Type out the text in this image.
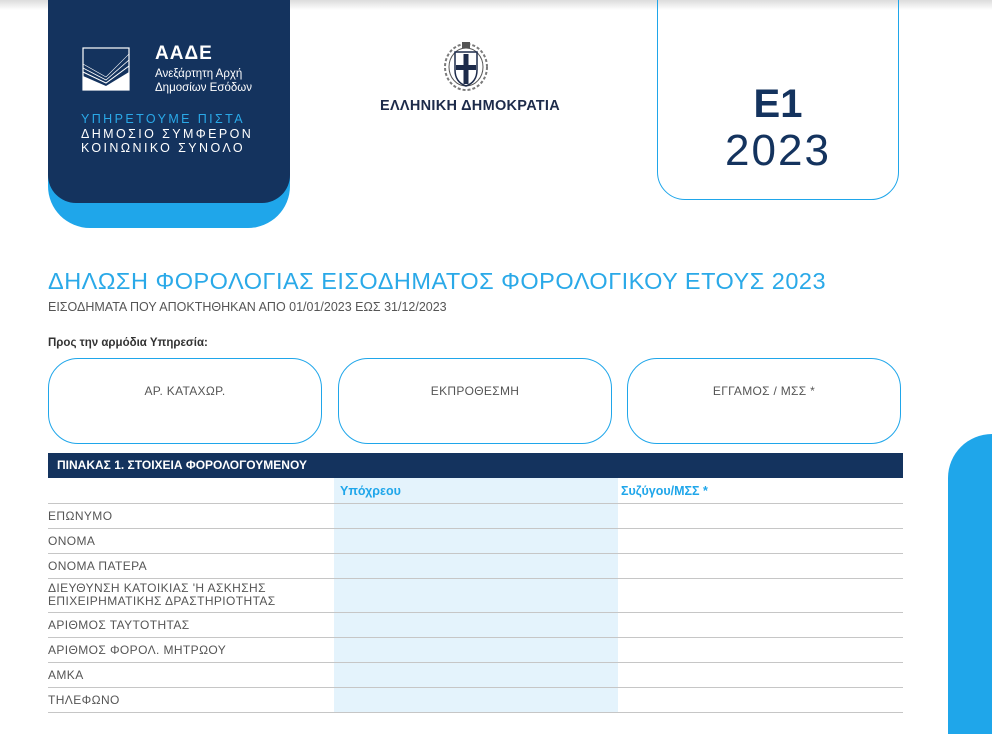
ΑΑΔΕ
Ανεξάρτητη Αρχή
Δημοσίων Εσόδων
ΥΠΗΡΕΤΟΥΜΕ ΠΙΣΤΑ
ΔΗΜΟΣΙΟ ΣΥΜΦΕΡΟΝ
ΚΟΙΝΩΝΙΚΟ ΣΥΝΟΛΟ
ΕΛΛΗΝΙΚΗ ΔΗΜΟΚΡΑΤΙΑ	Ε1
2023
ΔΗΛΩΣΗ ΦΟΡΟΛΟΓΙΑΣ ΕΙΣΟΔΗΜΑΤΟΣ ΦΟΡΟΛΟΓΙΚΟΥ ΕΤΟΥΣ 2023
ΕΙΣΟΔΗΜΑΤΑ ΠΟΥ ΑΠΟΚΤΗΘΗΚΑΝ ΑΠΟ 01/01/2023 ΕΩΣ 31/12/2023
Προς την αρμόδια Υπηρεσία:
ΑΡ. ΚΑΤΑΧΩΡ.	ΕΚΠΡΟΘΕΣΜΗ	ΕΓΓΑΜΟΣ / ΜΣΣ *
ΠΙΝΑΚΑΣ 1. ΣΤΟΙΧΕΙΑ ΦΟΡΟΛΟΓΟΥΜΕΝΟΥ
Υπόχρεου	Συζύγου/ΜΣΣ *
ΕΠΩΝΥΜΟ
ΟΝΟΜΑ
ΟΝΟΜΑ ΠΑΤΕΡΑ
ΔΙΕΥΘΥΝΣΗ ΚΑΤΟΙΚΙΑΣ 'Η ΑΣΚΗΣΗΣ
ΕΠΙΧΕΙΡΗΜΑΤΙΚΗΣ ΔΡΑΣΤΗΡΙΟΤΗΤΑΣ
ΑΡΙΘΜΟΣ ΤΑΥΤΟΤΗΤΑΣ
ΑΡΙΘΜΟΣ ΦΟΡΟΛ. ΜΗΤΡΩΟΥ
ΑΜΚΑ
ΤΗΛΕΦΩΝΟ
